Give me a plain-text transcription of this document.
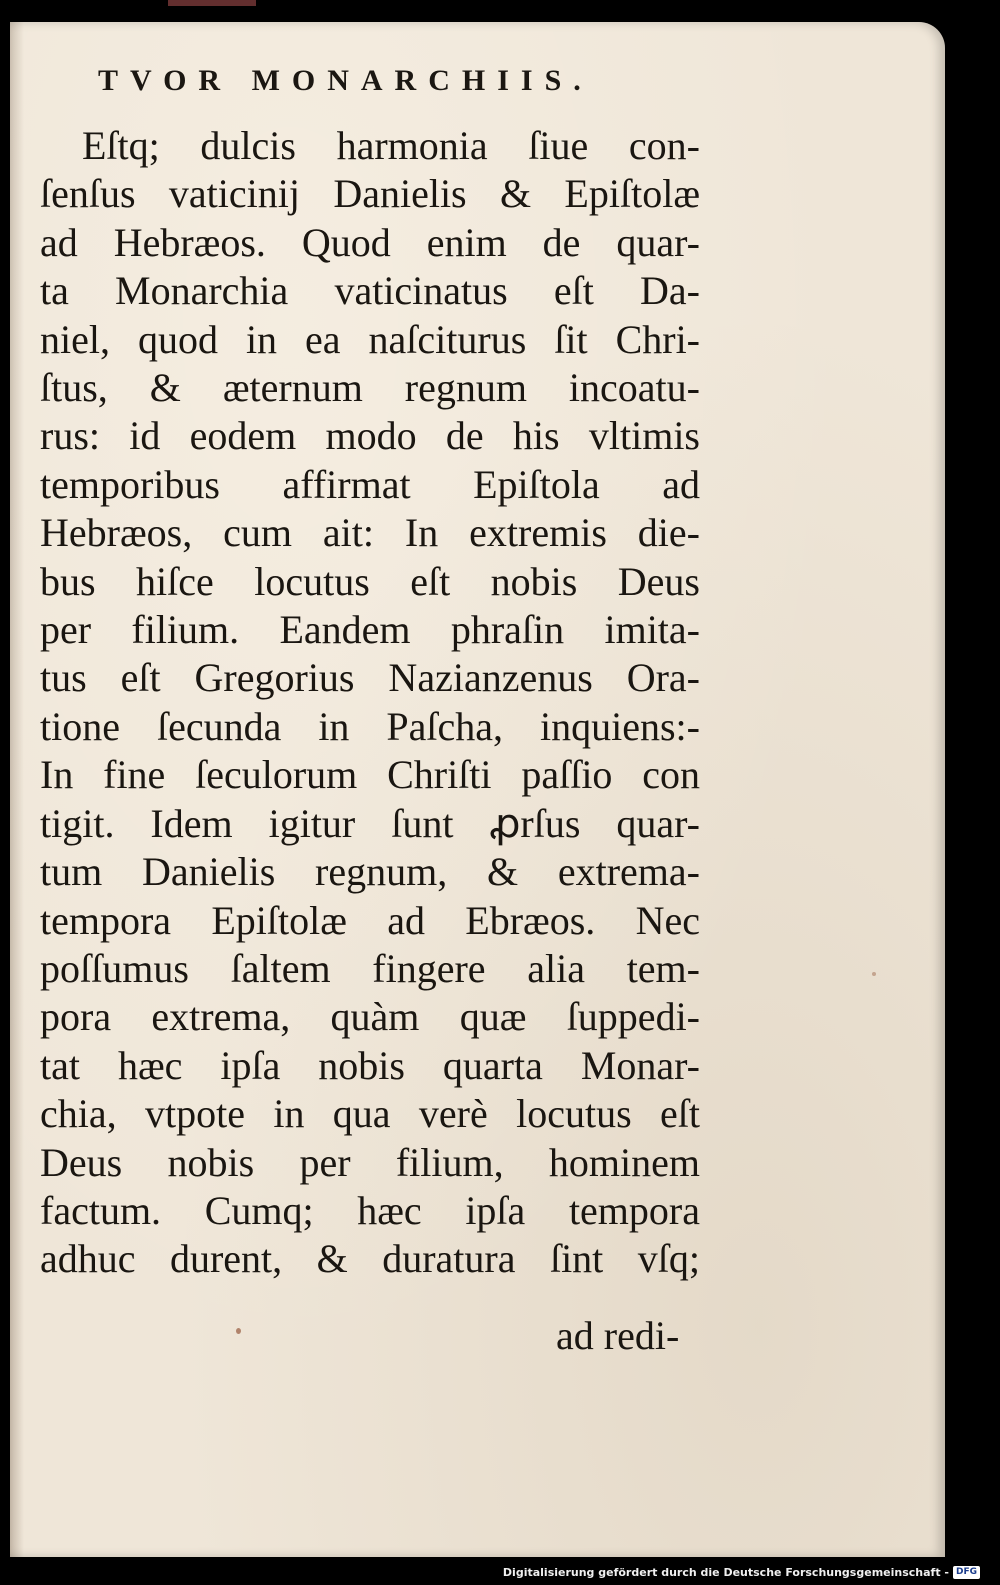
TVOR MONARCHIIS.
Eſtq; dulcis harmonia ſiue con-
ſenſus vaticinij Danielis & Epiſtolæ
ad Hebræos. Quod enim de quar-
ta Monarchia vaticinatus eſt Da-
niel, quod in ea naſciturus ſit Chri-
ſtus, & æternum regnum incoatu-
rus: id eodem modo de his vltimis
temporibus affirmat Epiſtola ad
Hebræos, cum ait: In extremis die-
bus hiſce locutus eſt nobis Deus
per filium. Eandem phraſin imita-
tus eſt Gregorius Nazianzenus Ora-
tione ſecunda in Paſcha, inquiens:-
In fine ſeculorum Chriſti paſſio con
tigit. Idem igitur ſunt ꝓrſus quar-
tum Danielis regnum, & extrema-
tempora Epiſtolæ ad Ebræos. Nec
poſſumus ſaltem fingere alia tem-
pora extrema, quàm quæ ſuppedi-
tat hæc ipſa nobis quarta Monar-
chia, vtpote in qua verè locutus eſt
Deus nobis per filium, hominem
factum. Cumq; hæc ipſa tempora
adhuc durent, & duratura ſint vſq;
ad redi-
Digitalisierung gefördert durch die Deutsche Forschungsgemeinschaft - DFG
